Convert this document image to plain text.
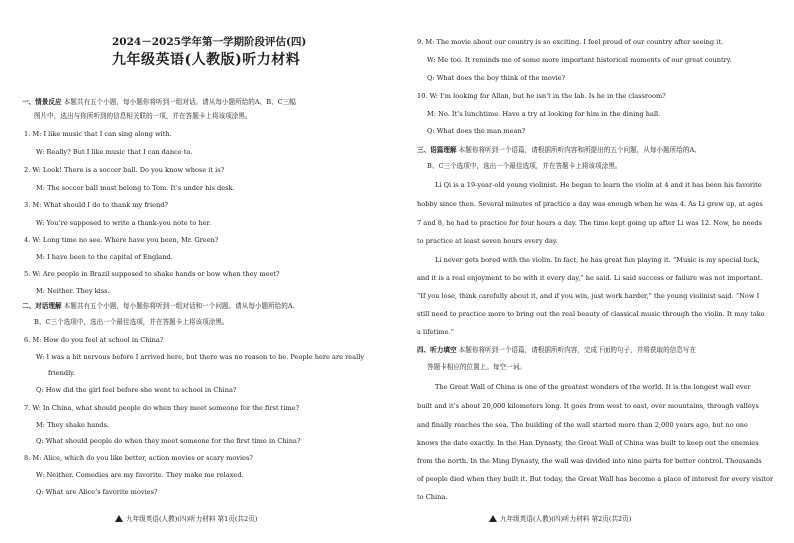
2024－2025学年第一学期阶段评估(四)
九年级英语(人教版)听力材料
一、情景反应 本题共有五个小题，每小题你将听到一组对话。请从每小题所给的A、B、C三幅
图片中，选出与你所听到的信息相关联的一项，并在答题卡上将该项涂黑。
1. M: I like music that I can sing along with.
W: Really? But I like music that I can dance to.
2. W: Look! There is a soccer ball. Do you know whose it is?
M: The soccer ball must belong to Tom. It’s under his desk.
3. M: What should I do to thank my friend?
W: You’re supposed to write a thank-you note to her.
4. W: Long time no see. Where have you been, Mr. Green?
M: I have been to the capital of England.
5. W: Are people in Brazil supposed to shake hands or bow when they meet?
M: Neither. They kiss.
二、对话理解 本题共有五个小题，每小题你将听到一组对话和一个问题。请从每小题所给的A、
B、C三个选项中，选出一个最佳选项，并在答题卡上将该项涂黑。
6. M: How do you feel at school in China?
W: I was a bit nervous before I arrived here, but there was no reason to be. People here are really
friendly.
Q: How did the girl feel before she went to school in China?
7. W: In China, what should people do when they meet someone for the first time?
M: They shake hands.
Q: What should people do when they meet someone for the first time in China?
8. M: Alice, which do you like better, action movies or scary movies?
W: Neither. Comedies are my favorite. They make me relaxed.
Q: What are Alice’s favorite movies?
九年级英语(人教)(四)听力材料 第1页(共2页)
9. M: The movie about our country is so exciting. I feel proud of our country after seeing it.
W: Me too. It reminds me of some more important historical moments of our great country.
Q: What does the boy think of the movie?
10. W: I’m looking for Allan, but he isn’t in the lab. Is he in the classroom?
M: No. It’s lunchtime. Have a try at looking for him in the dining hall.
Q: What does the man mean?
三、语篇理解 本题你将听到一个语篇，请根据所听内容和所提出的五个问题，从每小题所给的A、
B、C三个选项中，选出一个最佳选项，并在答题卡上将该项涂黑。
Li Qi is a 19-year-old young violinist. He began to learn the violin at 4 and it has been his favorite
hobby since then. Several minutes of practice a day was enough when he was 4. As Li grew up, at ages
7 and 8, he had to practice for four hours a day. The time kept going up after Li was 12. Now, he needs
to practice at least seven hours every day.
Li never gets bored with the violin. In fact, he has great fun playing it. “Music is my special luck,
and it is a real enjoyment to be with it every day,” he said. Li said success or failure was not important.
“If you lose, think carefully about it, and if you win, just work harder,” the young violinist said. “Now I
still need to practice more to bring out the real beauty of classical music through the violin. It may take
a lifetime.”
四、听力填空 本题你将听到一个语篇，请根据所听内容，完成下面的句子，并将获取的信息写在
答题卡相应的位置上。每空一词。
The Great Wall of China is one of the greatest wonders of the world. It is the longest wall ever
built and it’s about 20,000 kilometers long. It goes from west to east, over mountains, through valleys
and finally reaches the sea. The building of the wall started more than 2,000 years ago, but no one
knows the date exactly. In the Han Dynasty, the Great Wall of China was built to keep out the enemies
from the north. In the Ming Dynasty, the wall was divided into nine parts for better control. Thousands
of people died when they built it. But today, the Great Wall has become a place of interest for every visitor
to China.
九年级英语(人教)(四)听力材料 第2页(共2页)
